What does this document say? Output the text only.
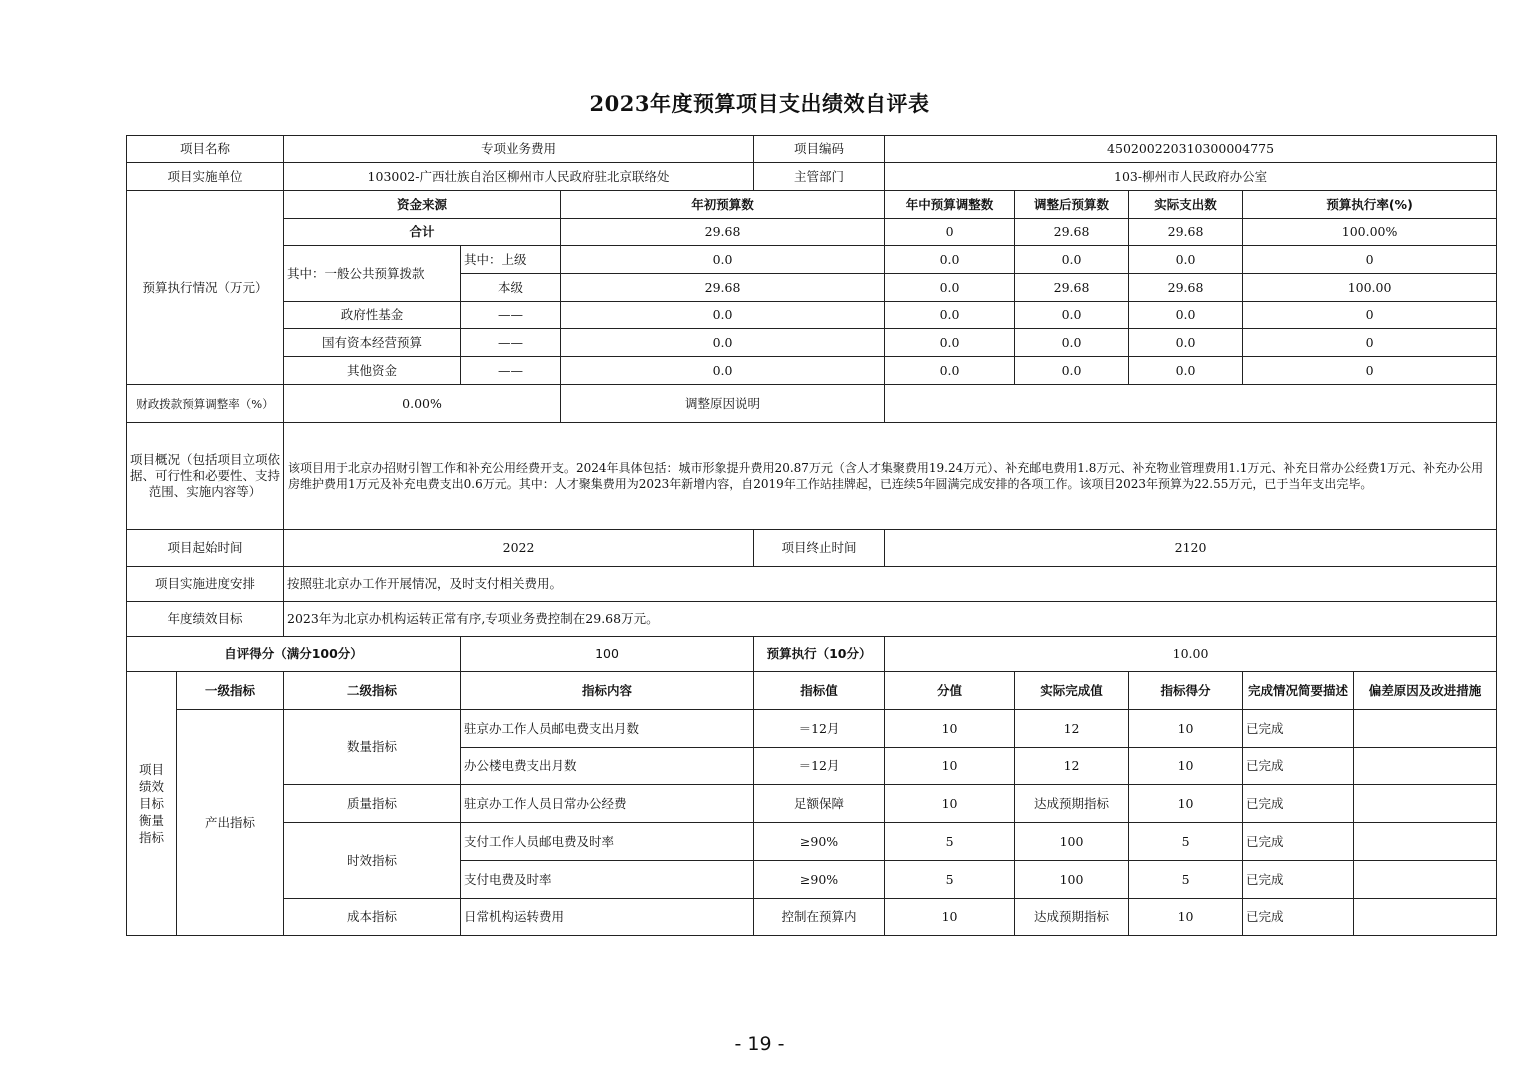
2023年度预算项目支出绩效自评表
项目名称		专项业务费用			项目编码	450200220310300004775				
项目实施单位		103002-广西壮族自治区柳州市人民政府驻北京联络处			主管部门	103-柳州市人民政府办公室				
预算执行情况（万元）		资金来源		年初预算数		年中预算调整数	调整后预算数	实际支出数	预算执行率(%)	
		合计		29.68		0	29.68	29.68	100.00%	
		其中：一般公共预算拨款	其中：上级	0.0		0.0	0.0	0.0	0	
			本级	29.68		0.0	29.68	29.68	100.00	
		政府性基金	——	0.0		0.0	0.0	0.0	0	
		国有资本经营预算	——	0.0		0.0	0.0	0.0	0	
		其他资金	——	0.0		0.0	0.0	0.0	0	
财政拨款预算调整率（%）		0.00%		调整原因说明						
项目概况（包括项目立项依据、可行性和必要性、支持范围、实施内容等）		该项目用于北京办招财引智工作和补充公用经费开支。2024年具体包括：城市形象提升费用20.87万元（含人才集聚费用19.24万元）、补充邮电费用1.8万元、补充物业管理费用1.1万元、补充日常办公经费1万元、补充办公用房维护费用1万元及补充电费支出0.6万元。其中：人才聚集费用为2023年新增内容，自2019年工作站挂牌起，已连续5年圆满完成安排的各项工作。该项目2023年预算为22.55万元，已于当年支出完毕。								
项目起始时间		2022			项目终止时间	2120				
项目实施进度安排		按照驻北京办工作开展情况，及时支付相关费用。								
年度绩效目标		2023年为北京办机构运转正常有序,专项业务费控制在29.68万元。								
自评得分（满分100分）			100		预算执行（10分）	10.00				
项目绩效目标衡量指标	一级指标	二级指标	指标内容		指标值	分值	实际完成值	指标得分	完成情况简要描述	偏差原因及改进措施
	产出指标	数量指标	驻京办工作人员邮电费支出月数		＝12月	10	12	10	已完成	
			办公楼电费支出月数		＝12月	10	12	10	已完成	
		质量指标	驻京办工作人员日常办公经费		足额保障	10	达成预期指标	10	已完成	
		时效指标	支付工作人员邮电费及时率		≥90%	5	100	5	已完成	
			支付电费及时率		≥90%	5	100	5	已完成	
		成本指标	日常机构运转费用		控制在预算内	10	达成预期指标	10	已完成	
- 19 -
